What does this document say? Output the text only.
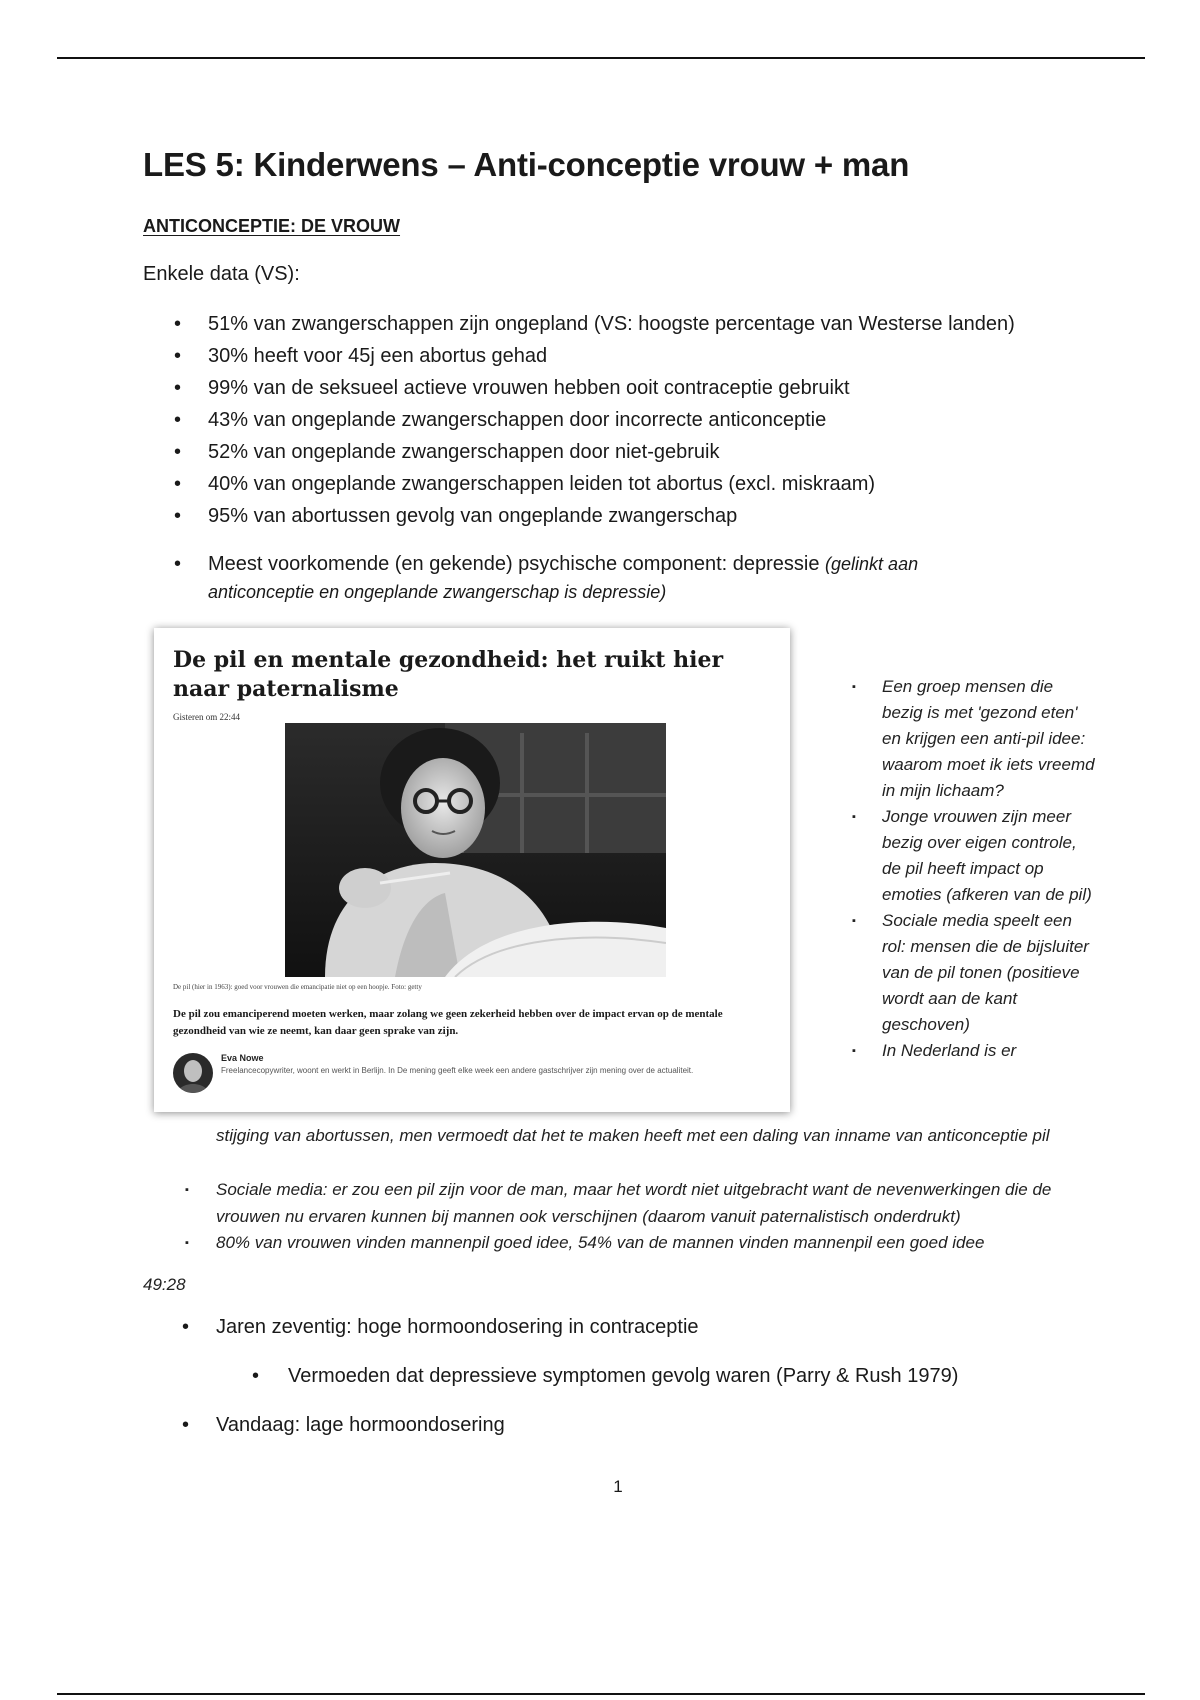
LES 5: Kinderwens – Anti-conceptie vrouw + man
ANTICONCEPTIE: DE VROUW
Enkele data (VS):
• 51% van zwangerschappen zijn ongepland (VS: hoogste percentage van Westerse landen)
• 30% heeft voor 45j een abortus gehad
• 99% van de seksueel actieve vrouwen hebben ooit contraceptie gebruikt
• 43% van ongeplande zwangerschappen door incorrecte anticonceptie
• 52% van ongeplande zwangerschappen door niet-gebruik
• 40% van ongeplande zwangerschappen leiden tot abortus (excl. miskraam)
• 95% van abortussen gevolg van ongeplande zwangerschap
• Meest voorkomende (en gekende) psychische component: depressie (gelinkt aan anticonceptie en ongeplande zwangerschap is depressie)
De pil en mentale gezondheid: het ruikt hier naar paternalisme
Gisteren om 22:44
De pil (hier in 1963): goed voor vrouwen die emancipatie niet op een hoopje. Foto: getty

De pil zou emanciperend moeten werken, maar zolang we geen zekerheid hebben over de impact ervan op de mentale gezondheid van wie ze neemt, kan daar geen sprake van zijn.

Eva Nowe
Freelancecopywriter, woont en werkt in Berlijn. In De mening geeft elke week een andere gastschrijver zijn mening over de actualiteit.
▪ Een groep mensen die bezig is met 'gezond eten' en krijgen een anti-pil idee: waarom moet ik iets vreemd in mijn lichaam?
▪ Jonge vrouwen zijn meer bezig over eigen controle, de pil heeft impact op emoties (afkeren van de pil)
▪ Sociale media speelt een rol: mensen die de bijsluiter van de pil tonen (positieve wordt aan de kant geschoven)
▪ In Nederland is er
stijging van abortussen, men vermoedt dat het te maken heeft met een daling van inname van anticonceptie pil
▪ Sociale media: er zou een pil zijn voor de man, maar het wordt niet uitgebracht want de nevenwerkingen die de vrouwen nu ervaren kunnen bij mannen ook verschijnen (daarom vanuit paternalistisch onderdrukt)
▪ 80% van vrouwen vinden mannenpil goed idee, 54% van de mannen vinden mannenpil een goed idee
49:28
• Jaren zeventig: hoge hormoondosering in contraceptie
• Vermoeden dat depressieve symptomen gevolg waren (Parry & Rush 1979)
• Vandaag: lage hormoondosering
1
